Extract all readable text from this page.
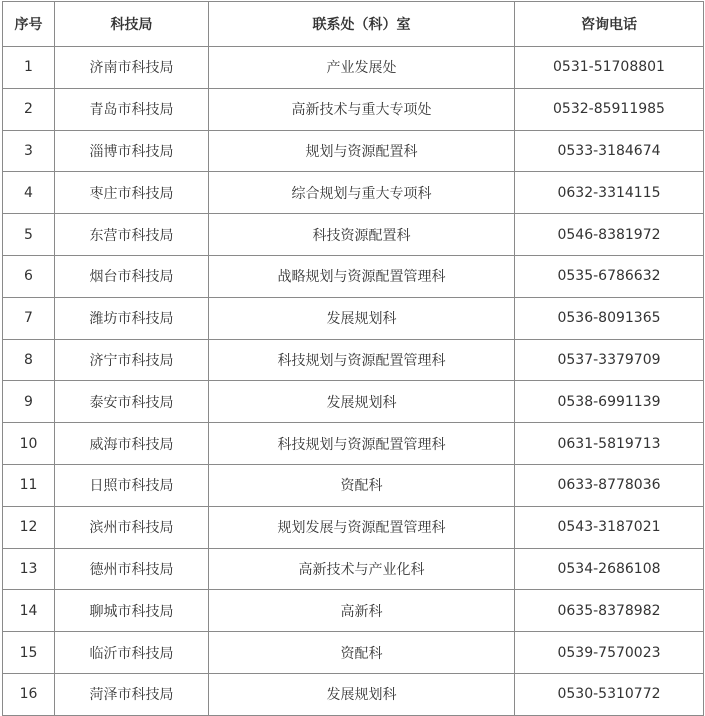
序号	科技局	联系处（科）室	咨询电话
1	济南市科技局	产业发展处	0531-51708801
2	青岛市科技局	高新技术与重大专项处	0532-85911985
3	淄博市科技局	规划与资源配置科	0533-3184674
4	枣庄市科技局	综合规划与重大专项科	0632-3314115
5	东营市科技局	科技资源配置科	0546-8381972
6	烟台市科技局	战略规划与资源配置管理科	0535-6786632
7	潍坊市科技局	发展规划科	0536-8091365
8	济宁市科技局	科技规划与资源配置管理科	0537-3379709
9	泰安市科技局	发展规划科	0538-6991139
10	威海市科技局	科技规划与资源配置管理科	0631-5819713
11	日照市科技局	资配科	0633-8778036
12	滨州市科技局	规划发展与资源配置管理科	0543-3187021
13	德州市科技局	高新技术与产业化科	0534-2686108
14	聊城市科技局	高新科	0635-8378982
15	临沂市科技局	资配科	0539-7570023
16	菏泽市科技局	发展规划科	0530-5310772
